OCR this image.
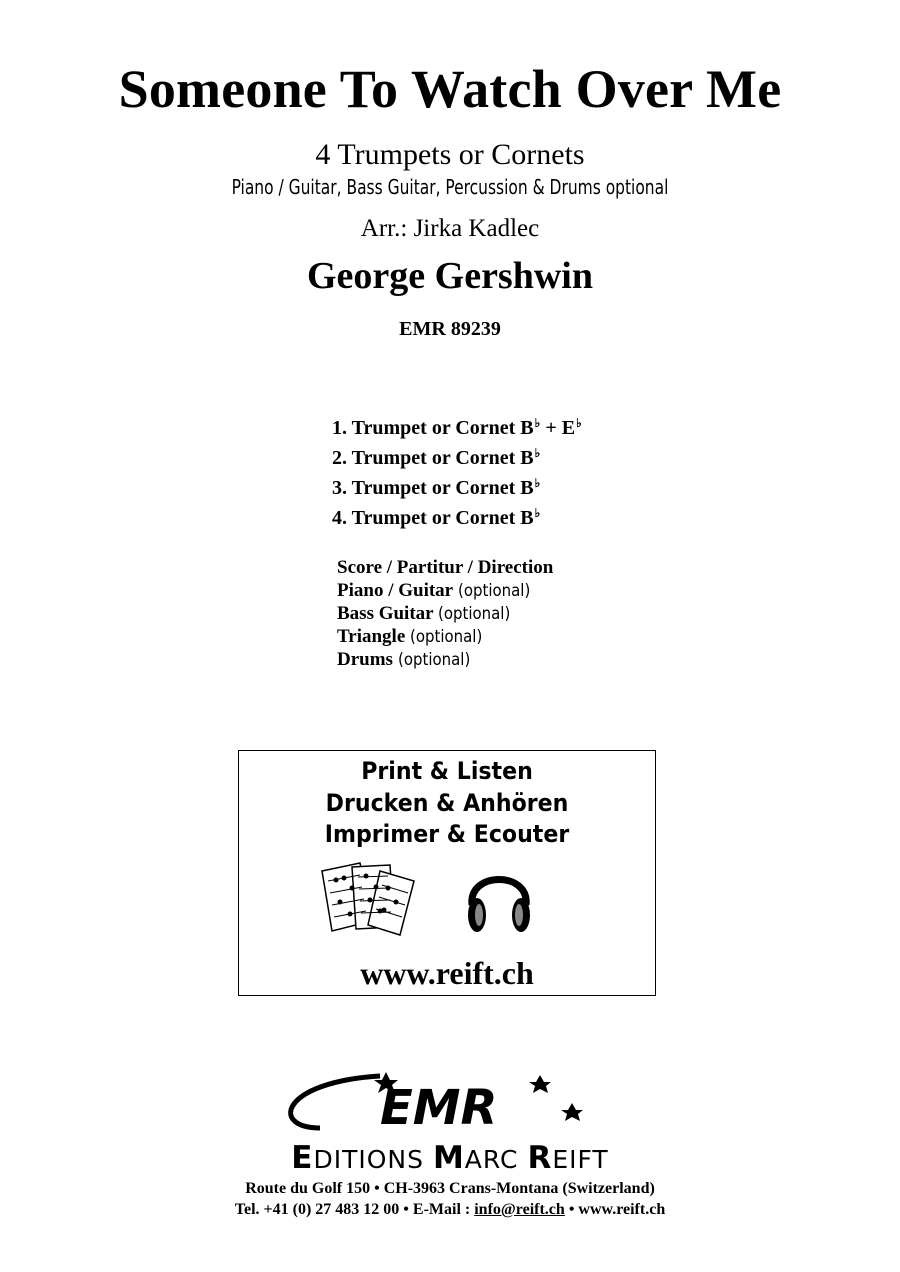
Someone To Watch Over Me
4 Trumpets or Cornets
Piano / Guitar, Bass Guitar, Percussion & Drums optional
Arr.: Jirka Kadlec
George Gershwin
EMR 89239
1. Trumpet or Cornet B♭ + E♭
2. Trumpet or Cornet B♭
3. Trumpet or Cornet B♭
4. Trumpet or Cornet B♭
Score / Partitur / Direction
Piano / Guitar (optional)
Bass Guitar (optional)
Triangle (optional)
Drums (optional)
Print & Listen
Drucken & Anhören
Imprimer & Ecouter
www.reift.ch
EMR
EDITIONS MARC REIFT
Route du Golf 150 • CH-3963 Crans-Montana (Switzerland)
Tel. +41 (0) 27 483 12 00 • E-Mail : info@reift.ch • www.reift.ch
